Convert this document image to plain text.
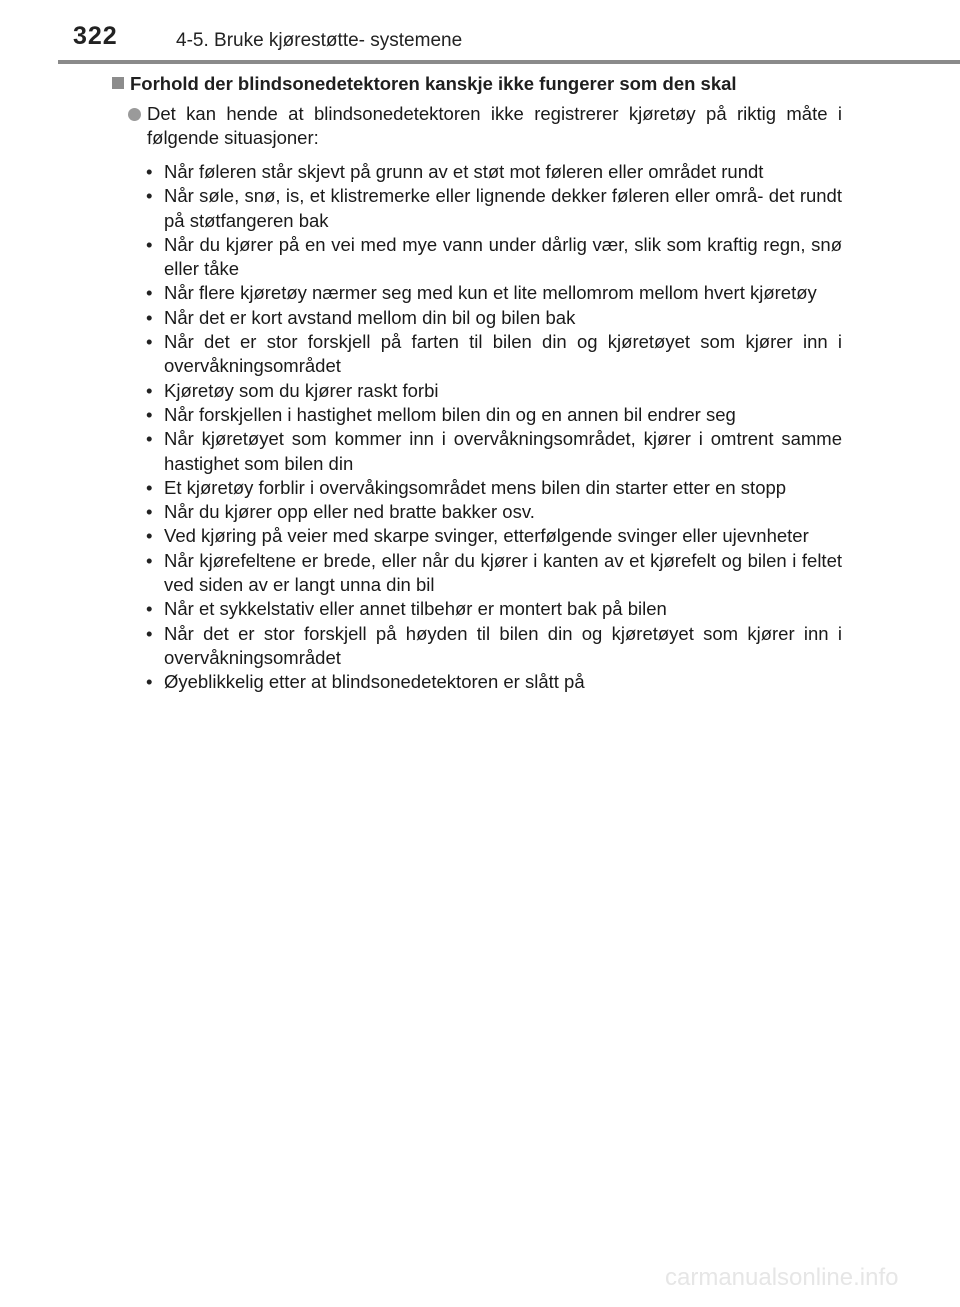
322	4-5. Bruke kjørestøtte- systemene
Forhold der blindsonedetektoren kanskje ikke fungerer som den skal
Det kan hende at blindsonedetektoren ikke registrerer kjøretøy på riktig måte i følgende situasjoner:
• Når føleren står skjevt på grunn av et støt mot føleren eller området rundt
• Når søle, snø, is, et klistremerke eller lignende dekker føleren eller områ- det rundt på støtfangeren bak
• Når du kjører på en vei med mye vann under dårlig vær, slik som kraftig regn, snø eller tåke
• Når flere kjøretøy nærmer seg med kun et lite mellomrom mellom hvert kjøretøy
• Når det er kort avstand mellom din bil og bilen bak
• Når det er stor forskjell på farten til bilen din og kjøretøyet som kjører inn i overvåkningsområdet
• Kjøretøy som du kjører raskt forbi
• Når forskjellen i hastighet mellom bilen din og en annen bil endrer seg
• Når kjøretøyet som kommer inn i overvåkningsområdet, kjører i omtrent samme hastighet som bilen din
• Et kjøretøy forblir i overvåkingsområdet mens bilen din starter etter en stopp
• Når du kjører opp eller ned bratte bakker osv.
• Ved kjøring på veier med skarpe svinger, etterfølgende svinger eller ujevnheter
• Når kjørefeltene er brede, eller når du kjører i kanten av et kjørefelt og bilen i feltet ved siden av er langt unna din bil
• Når et sykkelstativ eller annet tilbehør er montert bak på bilen
• Når det er stor forskjell på høyden til bilen din og kjøretøyet som kjører inn i overvåkningsområdet
• Øyeblikkelig etter at blindsonedetektoren er slått på
carmanualsonline.info
